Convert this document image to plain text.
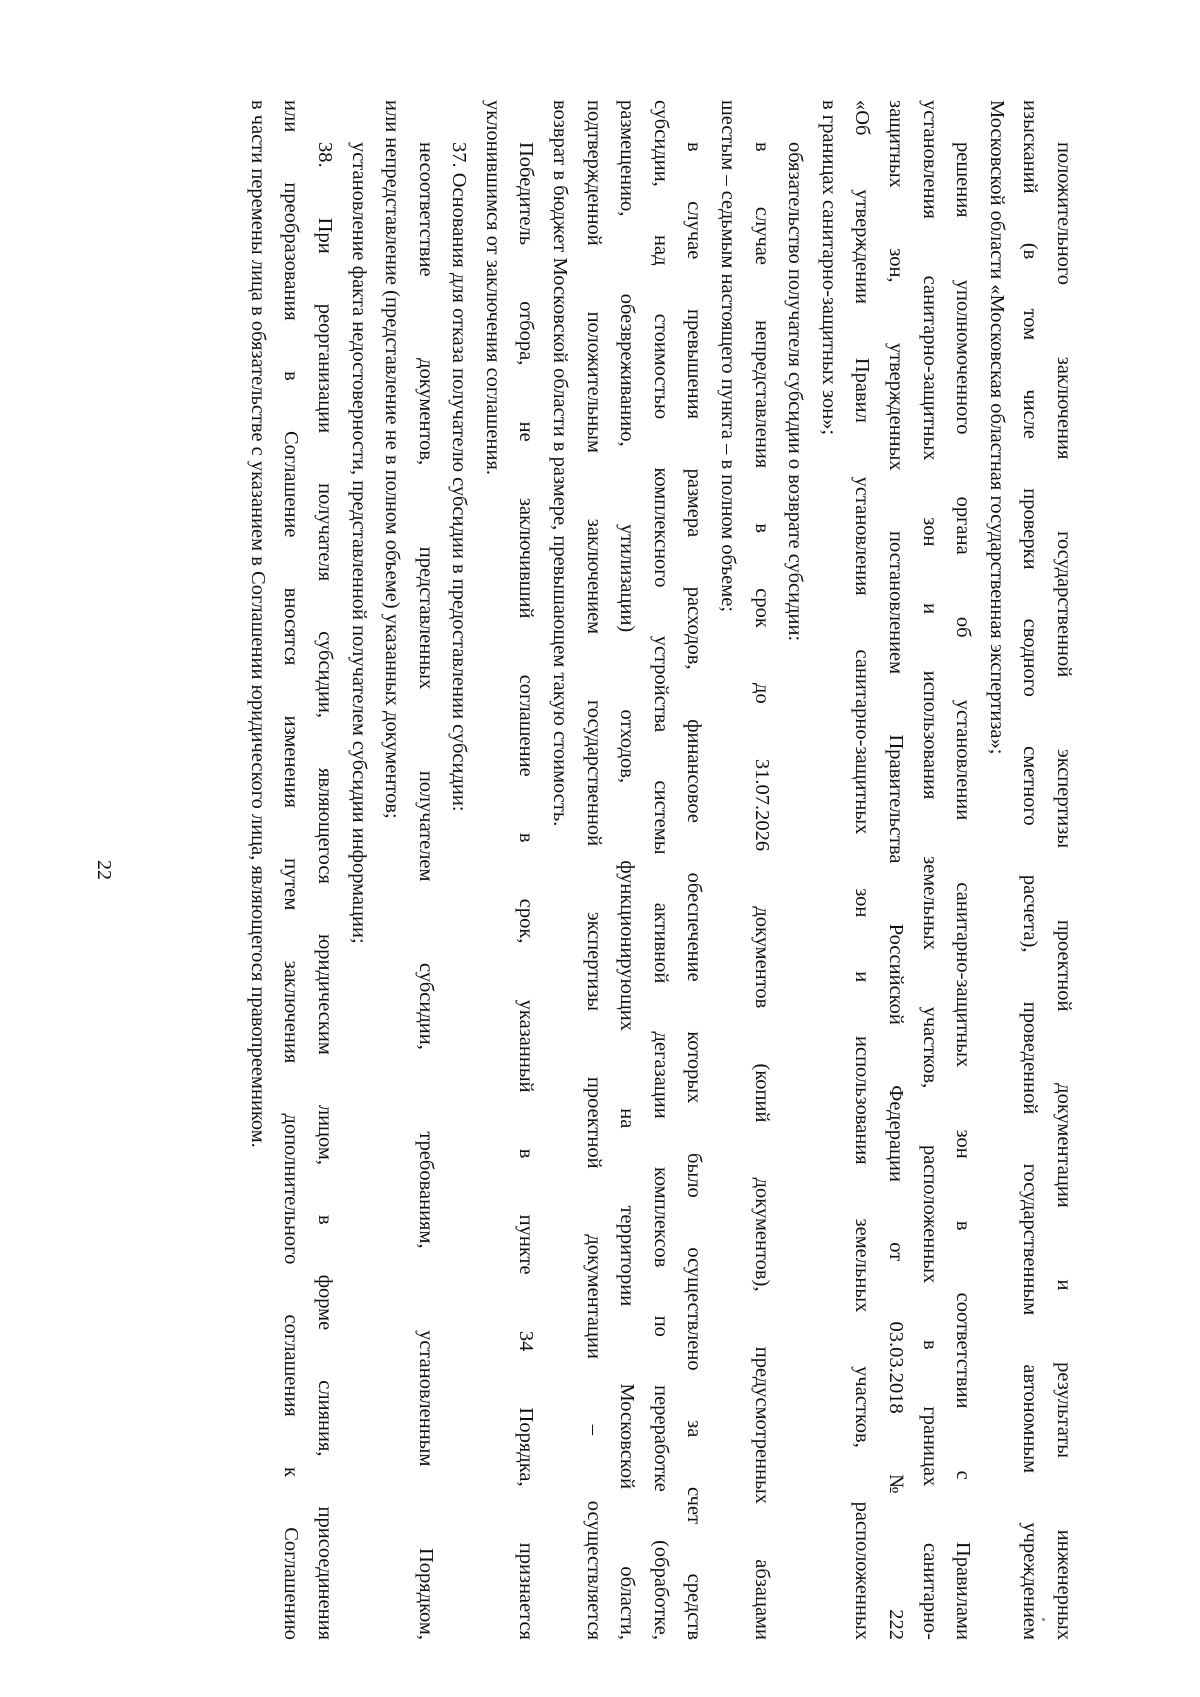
положительного заключения государственной экспертизы проектной документации и результаты инженерных
изысканий (в том числе проверки сводного сметного расчета), проведенной государственным автономным учреждением
Московской области «Московская областная государственная экспертиза»;
решения уполномоченного органа об установлении санитарно-защитных зон в соответствии с Правилами
установления санитарно-защитных зон и использования земельных участков, расположенных в границах санитарно-
защитных зон, утвержденных постановлением Правительства Российской Федерации от 03.03.2018 № 222
«Об утверждении Правил установления санитарно-защитных зон и использования земельных участков, расположенных
в границах санитарно-защитных зон»;
обязательство получателя субсидии о возврате субсидии:
в случае непредставления в срок до 31.07.2026 документов (копий документов), предусмотренных абзацами
шестым – седьмым настоящего пункта – в полном объеме;
в случае превышения размера расходов, финансовое обеспечение которых было осуществлено за счет средств
субсидии, над стоимостью комплексного устройства системы активной дегазации комплексов по переработке (обработке,
размещению, обезвреживанию, утилизации) отходов, функционирующих на территории Московской области,
подтвержденной положительным заключением государственной экспертизы проектной документации – осуществляется
возврат в бюджет Московской области в размере, превышающем такую стоимость.
Победитель отбора, не заключивший соглашение в срок, указанный в пункте 34 Порядка, признается
уклонившимся от заключения соглашения.
37. Основания для отказа получателю субсидии в предоставлении субсидии:
несоответствие документов, представленных получателем субсидии, требованиям, установленным Порядком,
или непредставление (представление не в полном объеме) указанных документов;
установление факта недостоверности, представленной получателем субсидии информации;
38. При реорганизации получателя субсидии, являющегося юридическим лицом, в форме слияния, присоединения
или преобразования в Соглашение вносятся изменения путем заключения дополнительного соглашения к Соглашению
в части перемены лица в обязательстве с указанием в Соглашении юридического лица, являющегося правопреемником.
22
